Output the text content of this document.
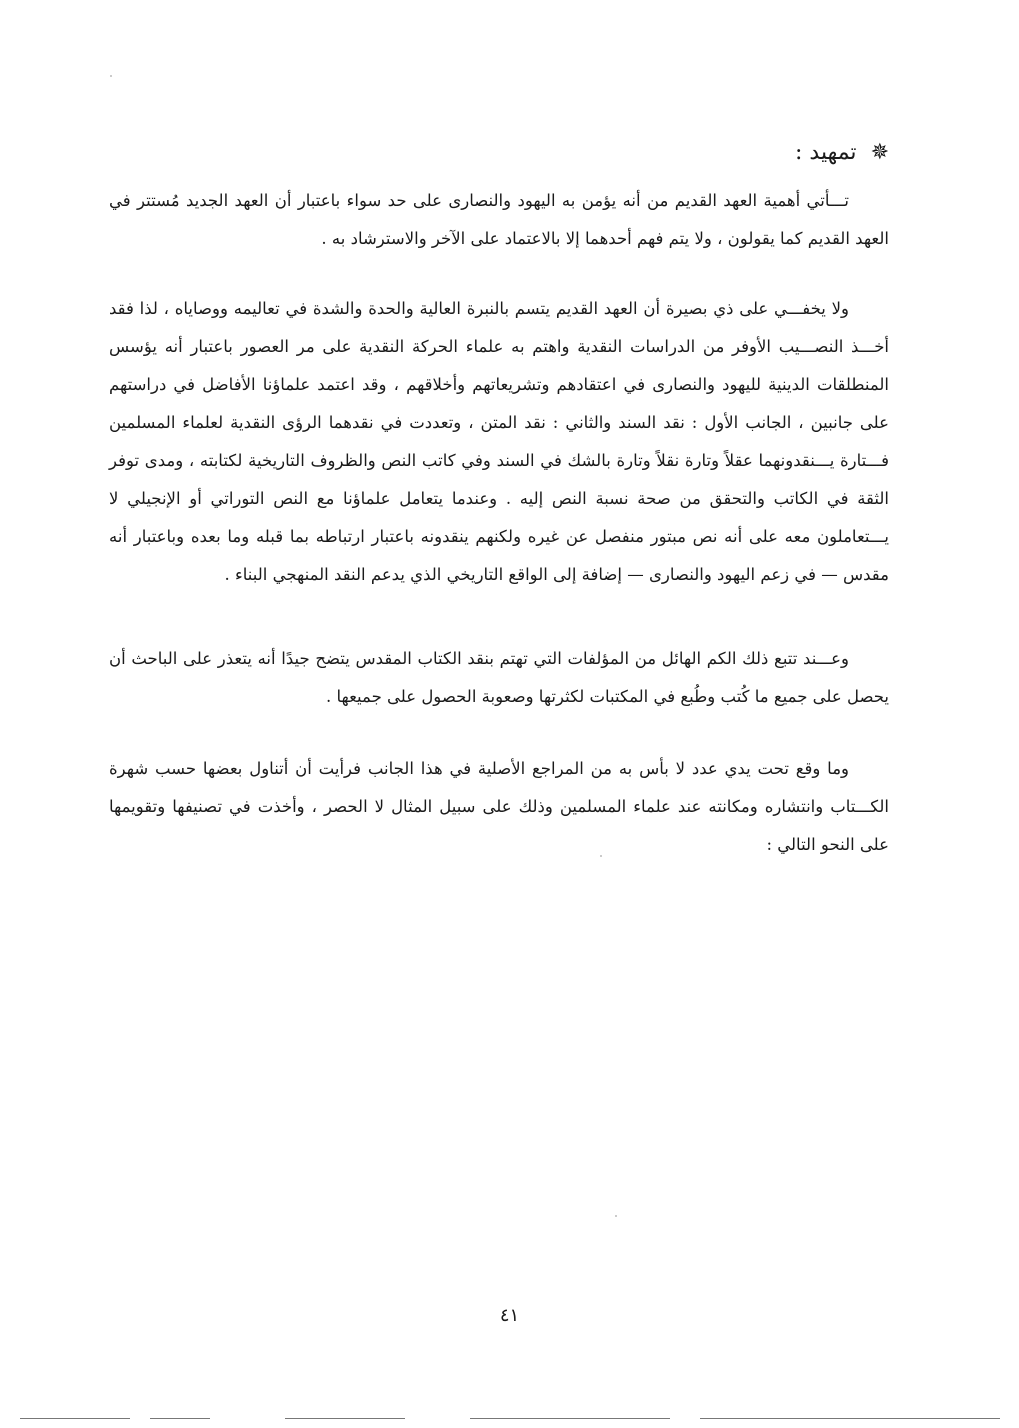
✵
تمهيد :

تـــأتي أهمية العهد القديم من أنه يؤمن به اليهود والنصارى على حد سواء باعتبار أن العهد الجديد مُستتر في العهد القديم كما يقولون ، ولا يتم فهم أحدهما إلا بالاعتماد على الآخر والاسترشاد به .

ولا يخفـــي على ذي بصيرة أن العهد القديم يتسم بالنبرة العالية والحدة والشدة في تعاليمه ووصاياه ، لذا فقد أخـــذ النصـــيب الأوفر من الدراسات النقدية واهتم به علماء الحركة النقدية على مر العصور باعتبار أنه يؤسس المنطلقات الدينية لليهود والنصارى في اعتقادهم وتشريعاتهم وأخلاقهم ، وقد اعتمد علماؤنا الأفاضل في دراستهم على جانبين ، الجانب الأول : نقد السند والثاني : نقد المتن ، وتعددت في نقدهما الرؤى النقدية لعلماء المسلمين فـــتارة يـــنقدونهما عقلاً وتارة نقلاً وتارة بالشك في السند وفي كاتب النص والظروف التاريخية لكتابته ، ومدى توفر الثقة في الكاتب والتحقق من صحة نسبة النص إليه . وعندما يتعامل علماؤنا مع النص التوراتي أو الإنجيلي لا يـــتعاملون معه على أنه نص مبتور منفصل عن غيره ولكنهم ينقدونه باعتبار ارتباطه بما قبله وما بعده وباعتبار أنه مقدس — في زعم اليهود والنصارى — إضافة إلى الواقع التاريخي الذي يدعم النقد المنهجي البناء .

وعـــند تتبع ذلك الكم الهائل من المؤلفات التي تهتم بنقد الكتاب المقدس يتضح جيدًا أنه يتعذر على الباحث أن يحصل على جميع ما كُتب وطُبع في المكتبات لكثرتها وصعوبة الحصول على جميعها .

وما وقع تحت يدي عدد لا بأس به من المراجع الأصلية في هذا الجانب فرأيت أن أتناول بعضها حسب شهرة الكـــتاب وانتشاره ومكانته عند علماء المسلمين وذلك على سبيل المثال لا الحصر ، وأخذت في تصنيفها وتقويمها على النحو التالي :

٤١
